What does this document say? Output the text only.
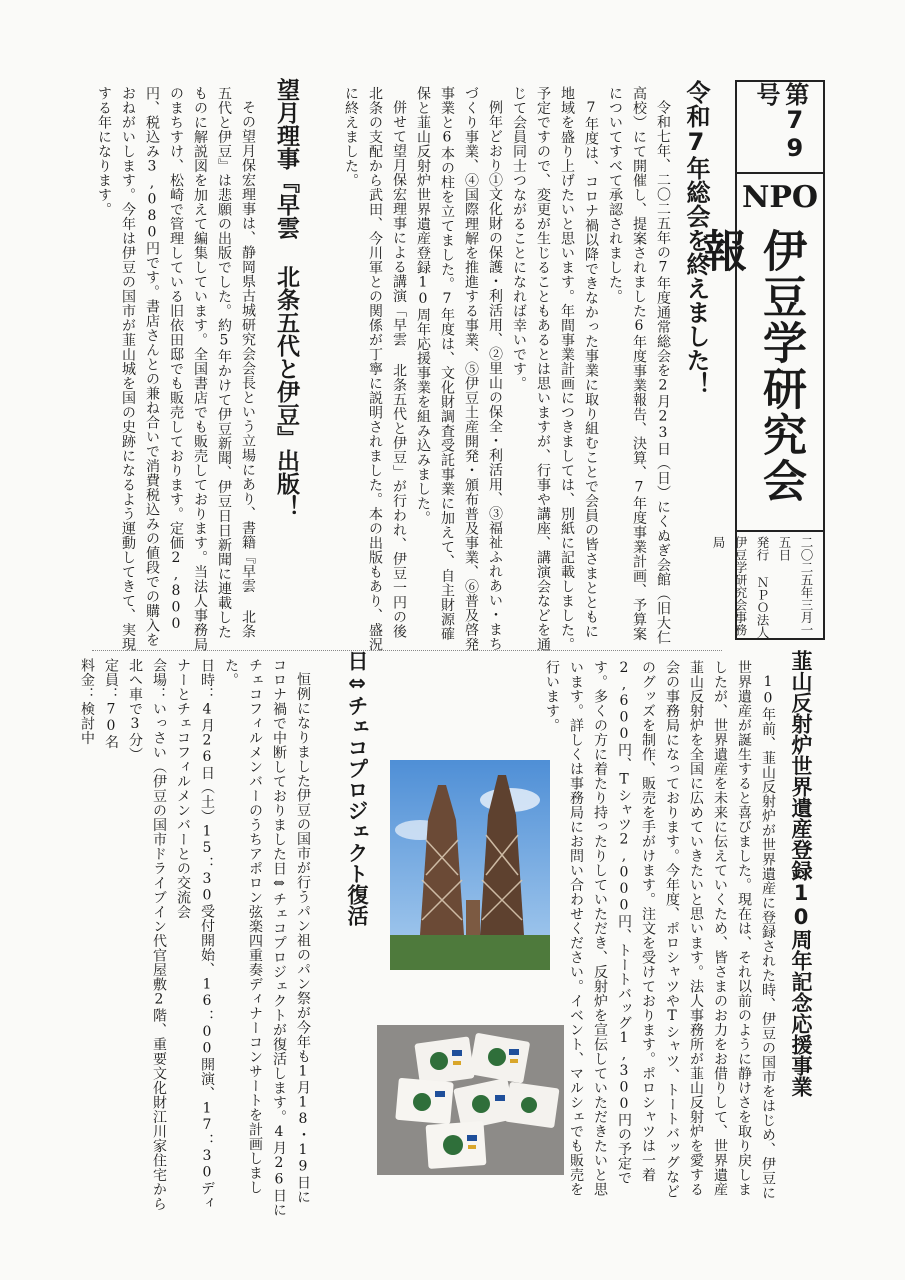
第79号
NPO
伊豆学研究会報
二〇二五年三月一五日
発行 ＮＰＯ法人
伊豆学研究会事務局
令和7年総会を終えました！

令和七年、二〇二五年の7年度通常総会を2月23日（日）にくぬぎ会館（旧大仁高校）にて開催し、提案されました6年度事業報告、決算、7年度事業計画、予算案についてすべて承認されました。

7年度は、コロナ禍以降できなかった事業に取り組むことで会員の皆さまとともに地域を盛り上げたいと思います。年間事業計画につきましては、別紙に記載しました。予定ですので、変更が生じることもあるとは思いますが、行事や講座、講演会などを通じて会員同士つながることになれば幸いです。

例年どおり①文化財の保護・利活用、②里山の保全・利活用、③福祉ふれあい・まちづくり事業、④国際理解を推進する事業、⑤伊豆土産開発・頒布普及事業、⑥普及啓発事業と6本の柱を立てました。7年度は、文化財調査受託事業に加えて、自主財源確保と韮山反射炉世界遺産登録10周年応援事業を組み込みました。

併せて望月保宏理事による講演「早雲 北条五代と伊豆」が行われ、伊豆一円の後北条の支配から武田、今川軍との関係が丁寧に説明されました。本の出版もあり、盛況に終えました。

望月理事『早雲 北条五代と伊豆』出版！

その望月保宏理事は、静岡県古城研究会会長という立場にあり、書籍『早雲 北条五代と伊豆』は悲願の出版でした。約5年かけて伊豆新聞、伊豆日日新聞に連載したものに解説図を加えて編集しています。全国書店でも販売しております。当法人事務局のまちすけ、松崎で管理している旧依田邸でも販売しております。定価2,800円、税込み3,080円です。書店さんとの兼ね合いで消費税込みの値段での購入をおねがいします。今年は伊豆の国市が韮山城を国の史跡になるよう運動してきて、実現する年になります。

韮山反射炉世界遺産登録10周年記念応援事業

10年前、韮山反射炉が世界遺産に登録された時、伊豆の国市をはじめ、伊豆に世界遺産が誕生すると喜びました。現在は、それ以前のように静けさを取り戻しましたが、世界遺産を未来に伝えていくため、皆さまのお力をお借りして、世界遺産韮山反射炉を全国に広めていきたいと思います。法人事務所が韮山反射炉を愛する会の事務局になっております。今年度、ポロシャツやTシャツ、トートバッグなどのグッズを制作、販売を手がけます。注文を受けております。ポロシャツは一着2,600円、Tシャツ2,000円、トートバッグ1,300円の予定です。多くの方に着たり持ったりしていただき、反射炉を宣伝していただきたいと思います。詳しくは事務局にお問い合わせください。イベント、マルシェでも販売を行います。

日⇔チェコプロジェクト復活

恒例になりました伊豆の国市が行うパン祖のパン祭が今年も1月18・19日にコロナ禍で中断しておりました日⇔チェコプロジェクトが復活します。4月26日にチェコフィルメンバーのうちアポロン弦楽四重奏ディナーコンサートを計画しました。

日時：4月26日（土）15：30受付開始、16：00開演、17：30ディナーとチェコフィルメンバーとの交流会

会場：いっさい（伊豆の国市ドライブイン代官屋敷2階、重要文化財江川家住宅から北へ車で3分）

定員：70名

料金：検討中
